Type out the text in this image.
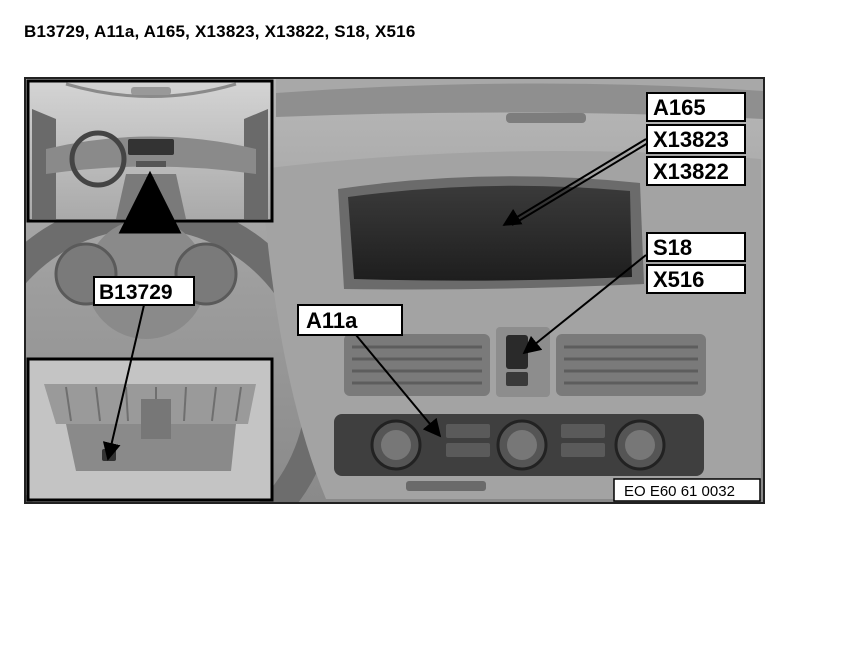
B13729, A11a, A165, X13823, X13822, S18, X516
A165
X13823
X13822
S18
X516
A11a
B13729
EO E60 61 0032
